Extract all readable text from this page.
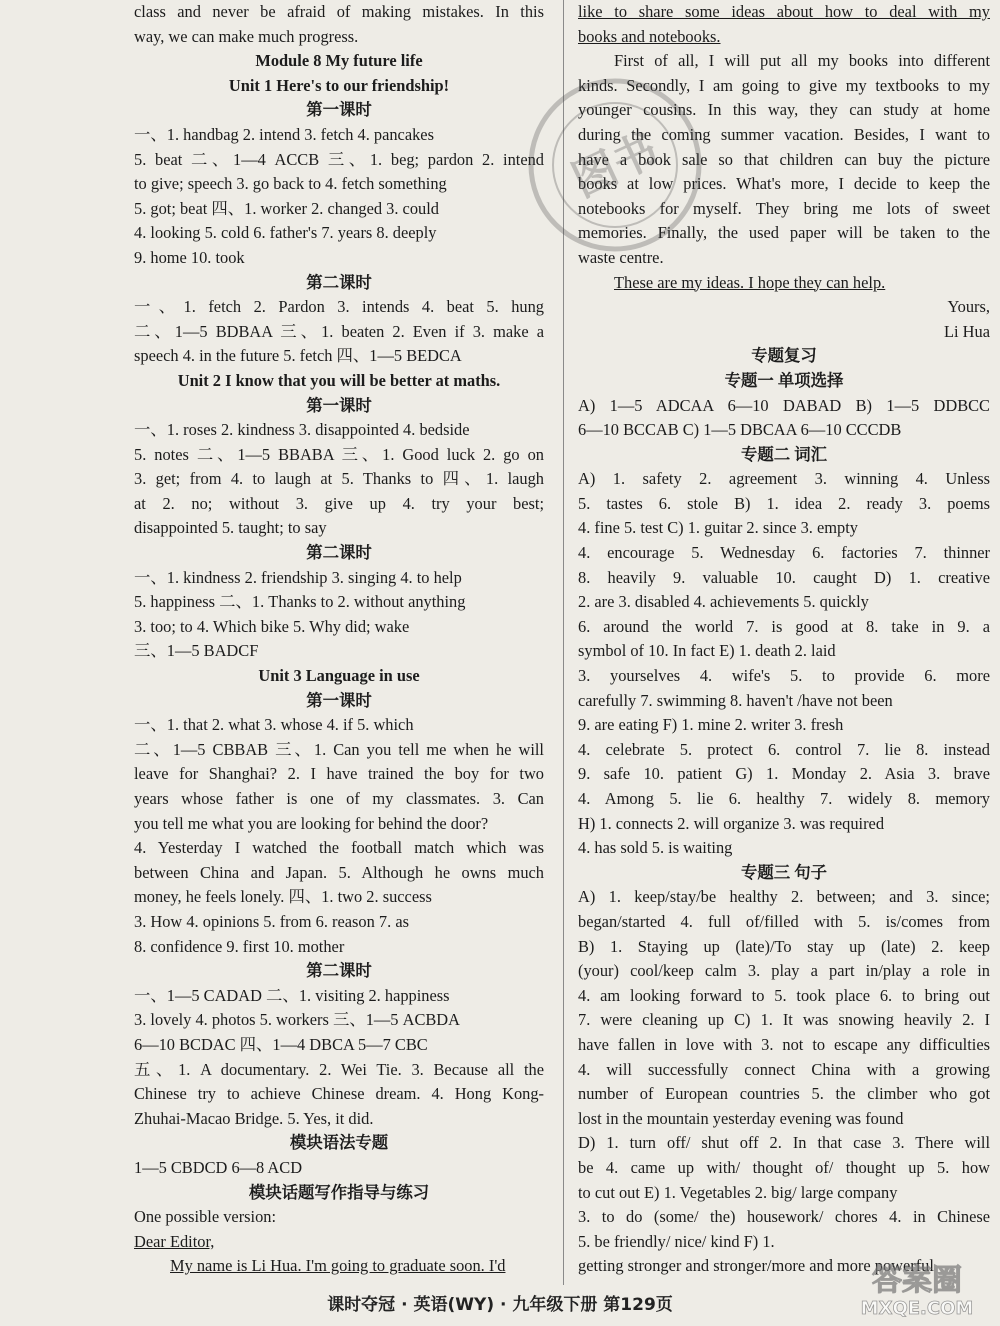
class and never be afraid of making mistakes. In this
way, we can make much progress.
Module 8 My future life
Unit 1 Here's to our friendship!
第一课时
一、1. handbag 2. intend 3. fetch 4. pancakes
5. beat 二、1—4 ACCB 三、1. beg; pardon 2. intend
to give; speech 3. go back to 4. fetch something
5. got; beat 四、1. worker 2. changed 3. could
4. looking 5. cold 6. father's 7. years 8. deeply
9. home 10. took
第二课时
一、1. fetch 2. Pardon 3. intends 4. beat 5. hung
二、1—5 BDBAA 三、1. beaten 2. Even if 3. make a
speech 4. in the future 5. fetch 四、1—5 BEDCA
Unit 2 I know that you will be better at maths.
第一课时
一、1. roses 2. kindness 3. disappointed 4. bedside
5. notes 二、1—5 BBABA 三、1. Good luck 2. go on
3. get; from 4. to laugh at 5. Thanks to 四、1. laugh
at 2. no; without 3. give up 4. try your best;
disappointed 5. taught; to say
第二课时
一、1. kindness 2. friendship 3. singing 4. to help
5. happiness 二、1. Thanks to 2. without anything
3. too; to 4. Which bike 5. Why did; wake
三、1—5 BADCF
Unit 3 Language in use
第一课时
一、1. that 2. what 3. whose 4. if 5. which
二、1—5 CBBAB 三、1. Can you tell me when he will
leave for Shanghai? 2. I have trained the boy for two
years whose father is one of my classmates. 3. Can
you tell me what you are looking for behind the door?
4. Yesterday I watched the football match which was
between China and Japan. 5. Although he owns much
money, he feels lonely. 四、1. two 2. success
3. How 4. opinions 5. from 6. reason 7. as
8. confidence 9. first 10. mother
第二课时
一、1—5 CADAD 二、1. visiting 2. happiness
3. lovely 4. photos 5. workers 三、1—5 ACBDA
6—10 BCDAC 四、1—4 DBCA 5—7 CBC
五、1. A documentary. 2. Wei Tie. 3. Because all the
Chinese try to achieve Chinese dream. 4. Hong Kong-
Zhuhai-Macao Bridge. 5. Yes, it did.
模块语法专题
1—5 CBDCD 6—8 ACD
模块话题写作指导与练习
One possible version:
Dear Editor,
My name is Li Hua. I'm going to graduate soon. I'd
like to share some ideas about how to deal with my
books and notebooks.
First of all, I will put all my books into different
kinds. Secondly, I am going to give my textbooks to my
younger cousins. In this way, they can study at home
during the coming summer vacation. Besides, I want to
have a book sale so that children can buy the picture
books at low prices. What's more, I decide to keep the
notebooks for myself. They bring me lots of sweet
memories. Finally, the used paper will be taken to the
waste centre.
These are my ideas. I hope they can help.
Yours,
Li Hua
专题复习
专题一 单项选择
A) 1—5 ADCAA 6—10 DABAD B) 1—5 DDBCC
6—10 BCCAB C) 1—5 DBCAA 6—10 CCCDB
专题二 词汇
A) 1. safety 2. agreement 3. winning 4. Unless
5. tastes 6. stole B) 1. idea 2. ready 3. poems
4. fine 5. test C) 1. guitar 2. since 3. empty
4. encourage 5. Wednesday 6. factories 7. thinner
8. heavily 9. valuable 10. caught D) 1. creative
2. are 3. disabled 4. achievements 5. quickly
6. around the world 7. is good at 8. take in 9. a
symbol of 10. In fact E) 1. death 2. laid
3. yourselves 4. wife's 5. to provide 6. more
carefully 7. swimming 8. haven't /have not been
9. are eating F) 1. mine 2. writer 3. fresh
4. celebrate 5. protect 6. control 7. lie 8. instead
9. safe 10. patient G) 1. Monday 2. Asia 3. brave
4. Among 5. lie 6. healthy 7. widely 8. memory
H) 1. connects 2. will organize 3. was required
4. has sold 5. is waiting
专题三 句子
A) 1. keep/stay/be healthy 2. between; and 3. since;
began/started 4. full of/filled with 5. is/comes from
B) 1. Staying up (late)/To stay up (late) 2. keep
(your) cool/keep calm 3. play a part in/play a role in
4. am looking forward to 5. took place 6. to bring out
7. were cleaning up C) 1. It was snowing heavily 2. I
have fallen in love with 3. not to escape any difficulties
4. will successfully connect China with a growing
number of European countries 5. the climber who got
lost in the mountain yesterday evening was found
D) 1. turn off/ shut off 2. In that case 3. There will
be 4. came up with/ thought of/ thought up 5. how
to cut out E) 1. Vegetables 2. big/ large company
3. to do (some/ the) housework/ chores 4. in Chinese
5. be friendly/ nice/ kind F) 1.
getting stronger and stronger/more and more powerful
图书
答案圈
MXQE.COM
课时夺冠 · 英语(WY) · 九年级下册 第129页
